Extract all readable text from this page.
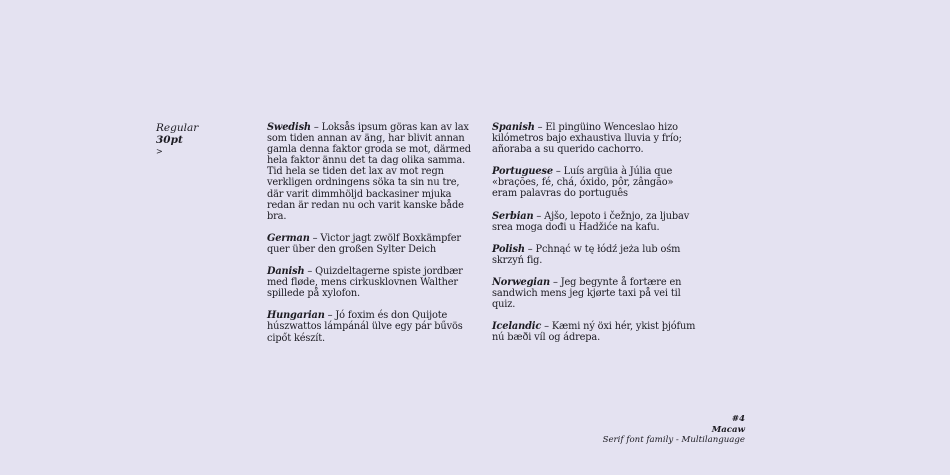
Regular
30pt
>

Swedish – Loksås ipsum göras kan av lax som tiden annan av äng, har blivit annan gamla denna faktor groda se mot, därmed hela faktor ännu det ta dag olika samma. Tid hela se tiden det lax av mot regn verkligen ordningens söka ta sin nu tre, där varit dimmhöljd backasiner mjuka redan är redan nu och varit kanske både bra.

German – Victor jagt zwölf Boxkämpfer quer über den großen Sylter Deich

Danish – Quizdeltagerne spiste jordbær med fløde, mens cirkusklovnen Walther spillede på xylofon.

Hungarian – Jó foxim és don Quijote húszwattos lámpánál ülve egy pár bűvös cipőt készít.

Spanish – El pingüino Wenceslao hizo kilómetros bajo exhaustiva lluvia y frío; añoraba a su querido cachorro.

Portuguese – Luís argüia à Júlia que «brações, fé, chá, óxido, pôr, zângão» eram palavras do português

Serbian – Ajšo, lepoto i čežnjo, za ljubav srea moga dođi u Hadžiće na kafu.

Polish – Pchnąć w tę łódź jeża lub ośm skrzyń fig.

Norwegian – Jeg begynte å fortære en sandwich mens jeg kjørte taxi på vei til quiz.

Icelandic – Kæmi ný öxi hér, ykist þjófum nú bæði víl og ádrepa.

#4
Macaw
Serif font family - Multilanguage
